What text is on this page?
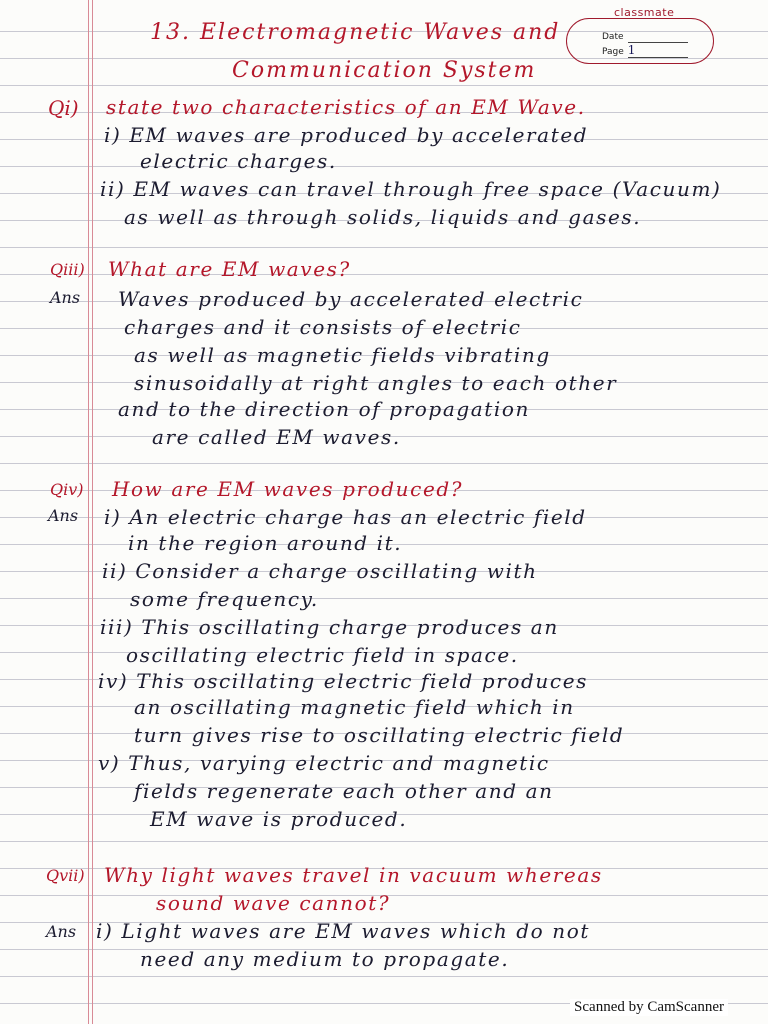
13. Electromagnetic Waves and
Communication System
classmate
Date
Page 1
Qi) state two characteristics of an EM Wave.
i) EM waves are produced by accelerated
electric charges.
ii) EM waves can travel through free space (Vacuum)
as well as through solids, liquids and gases.
Qiii) What are EM waves?
Ans Waves produced by accelerated electric
charges and it consists of electric
as well as magnetic fields vibrating
sinusoidally at right angles to each other
and to the direction of propagation
are called EM waves.
Qiv) How are EM waves produced?
Ans i) An electric charge has an electric field
in the region around it.
ii) Consider a charge oscillating with
some frequency.
iii) This oscillating charge produces an
oscillating electric field in space.
iv) This oscillating electric field produces
an oscillating magnetic field which in
turn gives rise to oscillating electric field
v) Thus, varying electric and magnetic
fields regenerate each other and an
EM wave is produced.
Qvii) Why light waves travel in vacuum whereas
sound wave cannot?
Ans i) Light waves are EM waves which do not
need any medium to propagate.
Scanned by CamScanner
